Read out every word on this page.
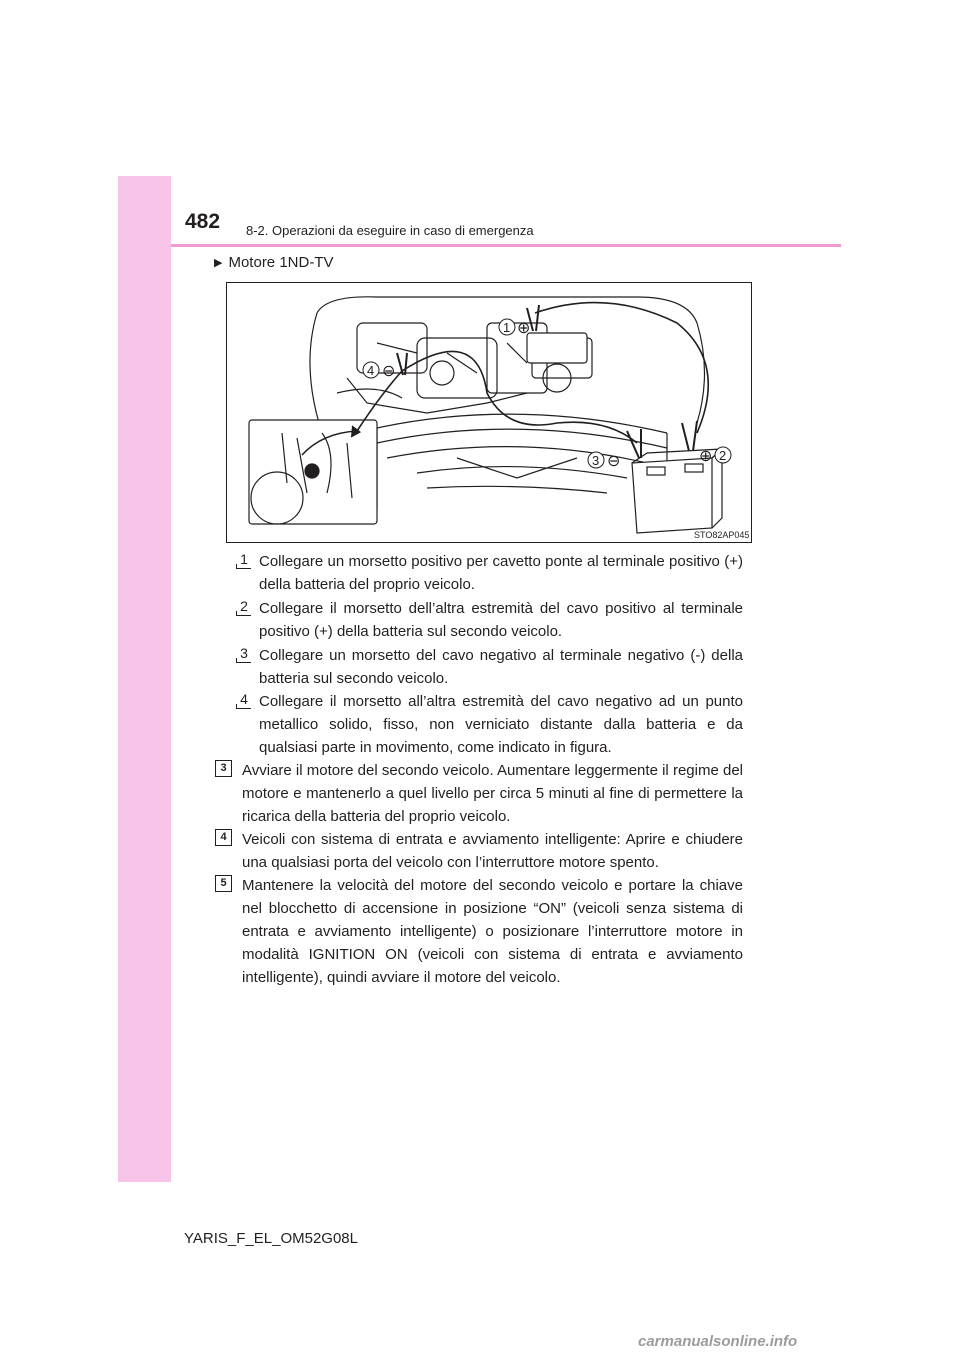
482 8-2. Operazioni da eseguire in caso di emergenza
▶ Motore 1ND-TV
1 ⊕
2
⊕
3 ⊖
4 ⊖
STO82AP045
1 Collegare un morsetto positivo per cavetto ponte al terminale positivo (+) della batteria del proprio veicolo.
2 Collegare il morsetto dell’altra estremità del cavo positivo al terminale positivo (+) della batteria sul secondo veicolo.
3 Collegare un morsetto del cavo negativo al terminale negativo (-) della batteria sul secondo veicolo.
4 Collegare il morsetto all’altra estremità del cavo negativo ad un punto metallico solido, fisso, non verniciato distante dalla batteria e da qualsiasi parte in movimento, come indicato in figura.
3	Avviare il motore del secondo veicolo. Aumentare leggermente il regime del motore e mantenerlo a quel livello per circa 5 minuti al fine di permettere la ricarica della batteria del proprio veicolo.
4	Veicoli con sistema di entrata e avviamento intelligente: Aprire e chiudere una qualsiasi porta del veicolo con l’interruttore motore spento.
5	Mantenere la velocità del motore del secondo veicolo e portare la chiave nel blocchetto di accensione in posizione “ON” (veicoli senza sistema di entrata e avviamento intelligente) o posizionare l’interruttore motore in modalità IGNITION ON (veicoli con sistema di entrata e avviamento intelligente), quindi avviare il motore del veicolo.
YARIS_F_EL_OM52G08L
carmanualsonline.info
